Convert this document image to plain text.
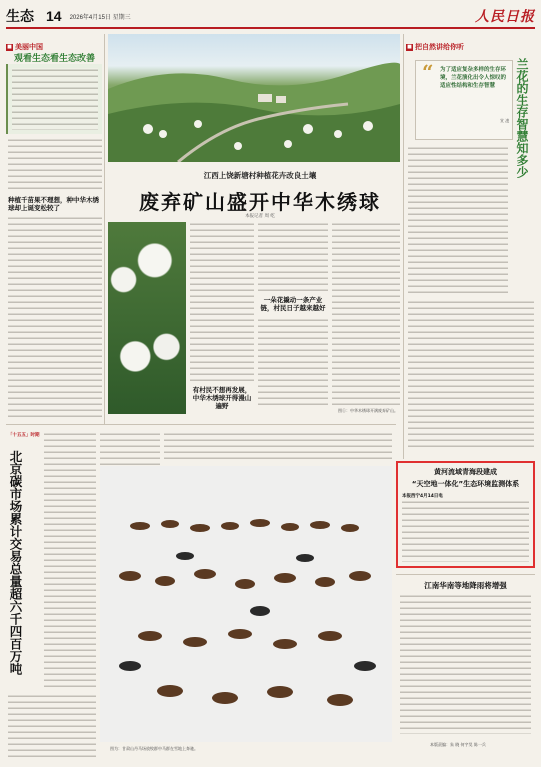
生态 14 2026年4月15日 星期三	人民日报
■ 美丽中国
观看生态看生态改善
种植千苗果不理想，种中华木绣球却上诞变松较了
江西上饶新塘村种植花卉改良土壤
废弃矿山盛开中华木绣球
本报记者 周 屹
一朵花撬动一条产业链，村民日子越来越好
有村民不想再发展，中华木绣球开得漫山遍野
图①：中华木绣球开满废弃矿山。
■ 把自然讲给你听
“ 为了适应复杂多样的生存环境，兰花演化出令人惊叹的适应性结构和生存智慧	兰花的生存智慧知多少
宣 凌
「十五五」时期
北京碳市场累计交易总量超六千四百万吨
图为：甘肃山丹马场放牧群中马群在雪地上奔驰。
黄河流域青海段建成
“天空地一体化”生态环境监测体系
本报西宁4月14日电
江南华南等地降雨将增强
本版责编：朱 晓 何宇昊 陈一兵
